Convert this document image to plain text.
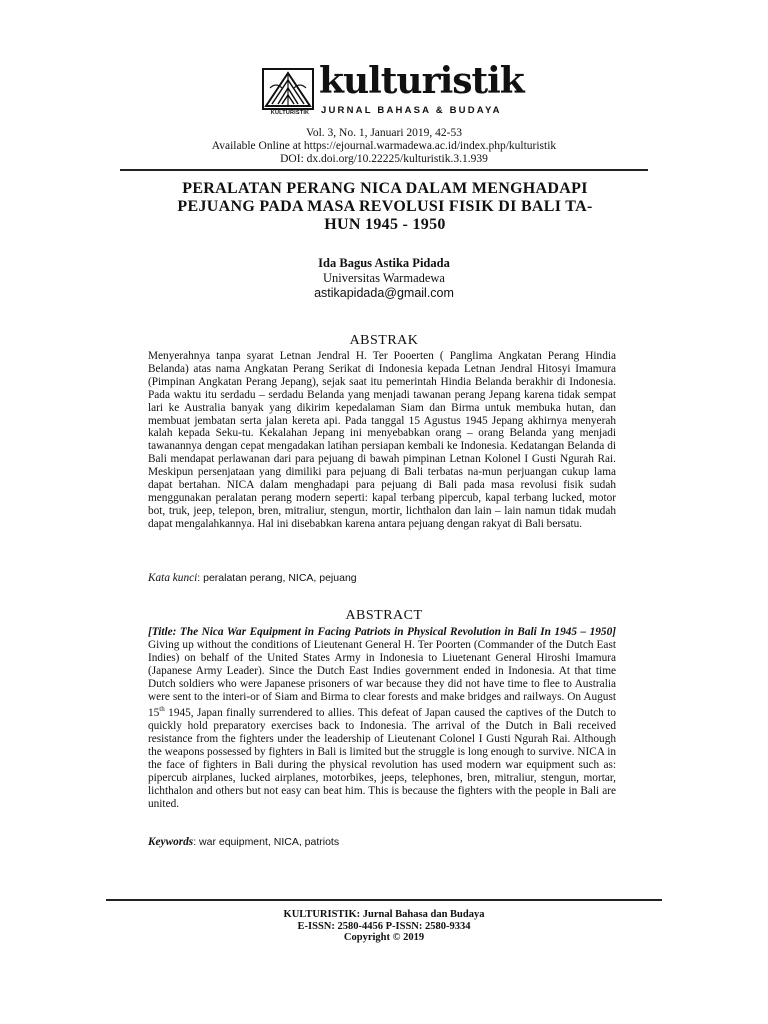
KULTURISTIK
kulturistik
JURNAL BAHASA & BUDAYA
Vol. 3, No. 1, Januari 2019, 42-53
Available Online at https://ejournal.warmadewa.ac.id/index.php/kulturistik
DOI: dx.doi.org/10.22225/kulturistik.3.1.939
PERALATAN PERANG NICA DALAM MENGHADAPI
PEJUANG PADA MASA REVOLUSI FISIK DI BALI TA-
HUN 1945 - 1950
Ida Bagus Astika Pidada
Universitas Warmadewa
astikapidada@gmail.com
ABSTRAK
Menyerahnya tanpa syarat Letnan Jendral H. Ter Pooerten ( Panglima Angkatan Perang Hindia Belanda) atas nama Angkatan Perang Serikat di Indonesia kepada Letnan Jendral Hitosyi Imamura (Pimpinan Angkatan Perang Jepang), sejak saat itu pemerintah Hindia Belanda berakhir di Indonesia. Pada waktu itu serdadu – serdadu Belanda yang menjadi tawanan perang Jepang karena tidak sempat lari ke Australia banyak yang dikirim kepedalaman Siam dan Birma untuk membuka hutan, dan membuat jembatan serta jalan kereta api. Pada tanggal 15 Agustus 1945 Jepang akhirnya menyerah kalah kepada Seku-tu. Kekalahan Jepang ini menyebabkan orang – orang Belanda yang menjadi tawanannya dengan cepat mengadakan latihan persiapan kembali ke Indonesia. Kedatangan Belanda di Bali mendapat perlawanan dari para pejuang di bawah pimpinan Letnan Kolonel I Gusti Ngurah Rai. Meskipun persenjataan yang dimiliki para pejuang di Bali terbatas na-mun perjuangan cukup lama dapat bertahan. NICA dalam menghadapi para pejuang di Bali pada masa revolusi fisik sudah menggunakan peralatan perang modern seperti: kapal terbang pipercub, kapal terbang lucked, motor bot, truk, jeep, telepon, bren, mitraliur, stengun, mortir, lichthalon dan lain – lain namun tidak mudah dapat mengalahkannya. Hal ini disebabkan karena antara pejuang dengan rakyat di Bali bersatu.
Kata kunci: peralatan perang, NICA, pejuang
ABSTRACT
[Title: The Nica War Equipment in Facing Patriots in Physical Revolution in Bali In 1945 – 1950] Giving up without the conditions of Lieutenant General H. Ter Poorten (Commander of the Dutch East Indies) on behalf of the United States Army in Indonesia to Liuetenant General Hiroshi Imamura (Japanese Army Leader). Since the Dutch East Indies government ended in Indonesia. At that time Dutch soldiers who were Japanese prisoners of war because they did not have time to flee to Australia were sent to the interi-or of Siam and Birma to clear forests and make bridges and railways. On August 15th 1945, Japan finally surrendered to allies. This defeat of Japan caused the captives of the Dutch to quickly hold preparatory exercises back to Indonesia. The arrival of the Dutch in Bali received resistance from the fighters under the leadership of Lieutenant Colonel I Gusti Ngurah Rai. Although the weapons possessed by fighters in Bali is limited but the struggle is long enough to survive. NICA in the face of fighters in Bali during the physical revolution has used modern war equipment such as: pipercub airplanes, lucked airplanes, motorbikes, jeeps, telephones, bren, mitraliur, stengun, mortar, lichthalon and others but not easy can beat him. This is because the fighters with the people in Bali are united.
Keywords: war equipment, NICA, patriots
KULTURISTIK: Jurnal Bahasa dan Budaya
E-ISSN: 2580-4456 P-ISSN: 2580-9334
Copyright © 2019
